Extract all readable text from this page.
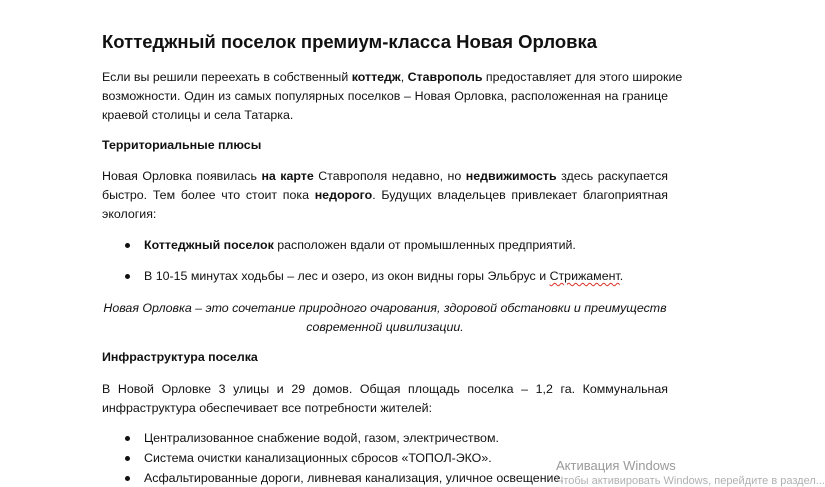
Коттеджный поселок премиум-класса Новая Орловка
Если вы решили переехать в собственный коттедж, Ставрополь предоставляет для этого широкие
возможности. Один из самых популярных поселков – Новая Орловка, расположенная на границе
краевой столицы и села Татарка.
Территориальные плюсы
Новая Орловка появилась на карте Ставрополя недавно, но недвижимость здесь раскупается
быстро. Тем более что стоит пока недорого. Будущих владельцев привлекает благоприятная
экология:
Коттеджный поселок расположен вдали от промышленных предприятий.
В 10-15 минутах ходьбы – лес и озеро, из окон видны горы Эльбрус и Стрижамент.
Новая Орловка – это сочетание природного очарования, здоровой обстановки и преимуществ
современной цивилизации.
Инфраструктура поселка
В Новой Орловке 3 улицы и 29 домов. Общая площадь поселка – 1,2 га. Коммунальная
инфраструктура обеспечивает все потребности жителей:
Централизованное снабжение водой, газом, электричеством.
Система очистки канализационных сбросов «ТОПОЛ-ЭКО».
Асфальтированные дороги, ливневая канализация, уличное освещение.
Активация Windows
Чтобы активировать Windows, перейдите в раздел...
